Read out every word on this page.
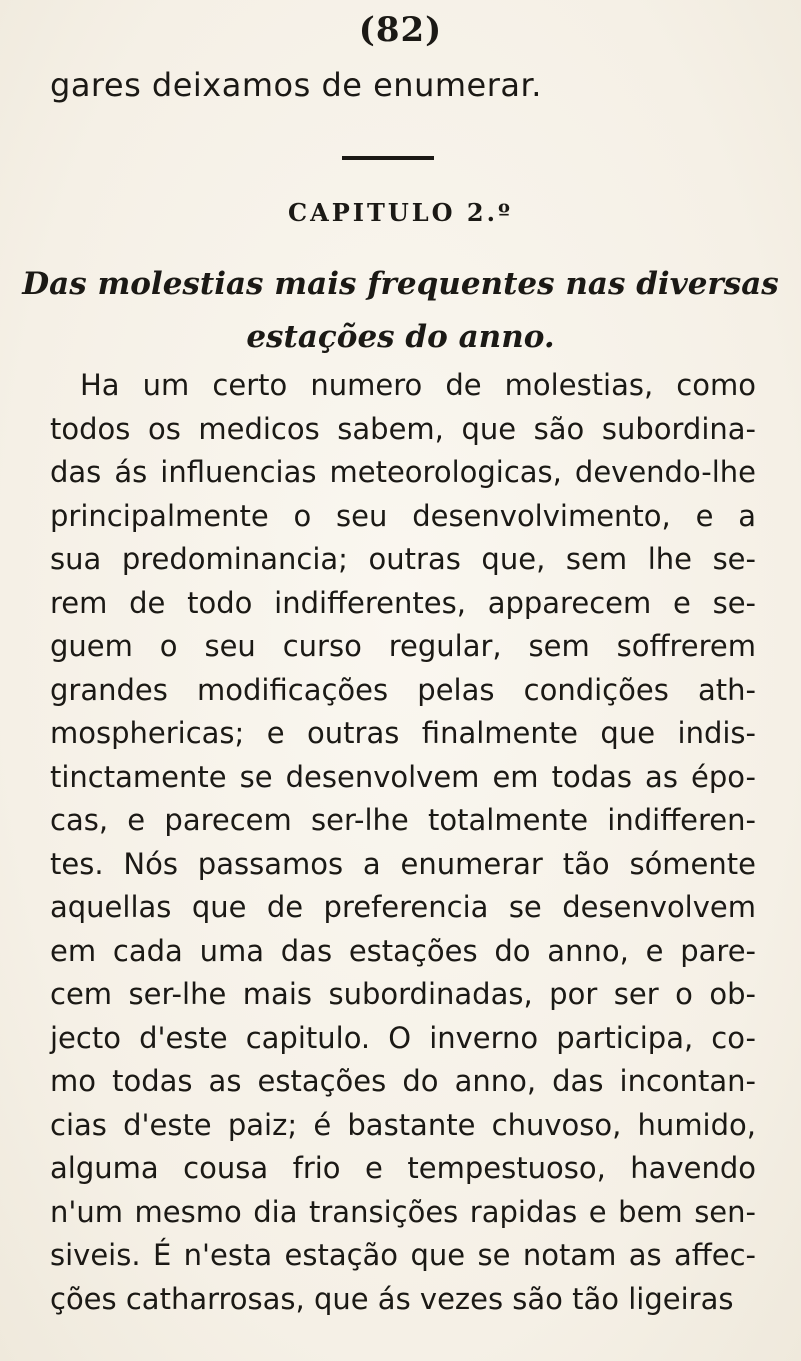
(82)
gares deixamos de enumerar.
CAPITULO 2.º
Das molestias mais frequentes nas diversas
estações do anno.
Ha um certo numero de molestias, como
todos os medicos sabem, que são subordina-
das ás influencias meteorologicas, devendo-lhe
principalmente o seu desenvolvimento, e a
sua predominancia; outras que, sem lhe se-
rem de todo indifferentes, apparecem e se-
guem o seu curso regular, sem soffrerem
grandes modificações pelas condições ath-
mosphericas; e outras finalmente que indis-
tinctamente se desenvolvem em todas as épo-
cas, e parecem ser-lhe totalmente indifferen-
tes. Nós passamos a enumerar tão sómente
aquellas que de preferencia se desenvolvem
em cada uma das estações do anno, e pare-
cem ser-lhe mais subordinadas, por ser o ob-
jecto d'este capitulo. O inverno participa, co-
mo todas as estações do anno, das incontan-
cias d'este paiz; é bastante chuvoso, humido,
alguma cousa frio e tempestuoso, havendo
n'um mesmo dia transições rapidas e bem sen-
siveis. É n'esta estação que se notam as affec-
ções catharrosas, que ás vezes são tão ligeiras
